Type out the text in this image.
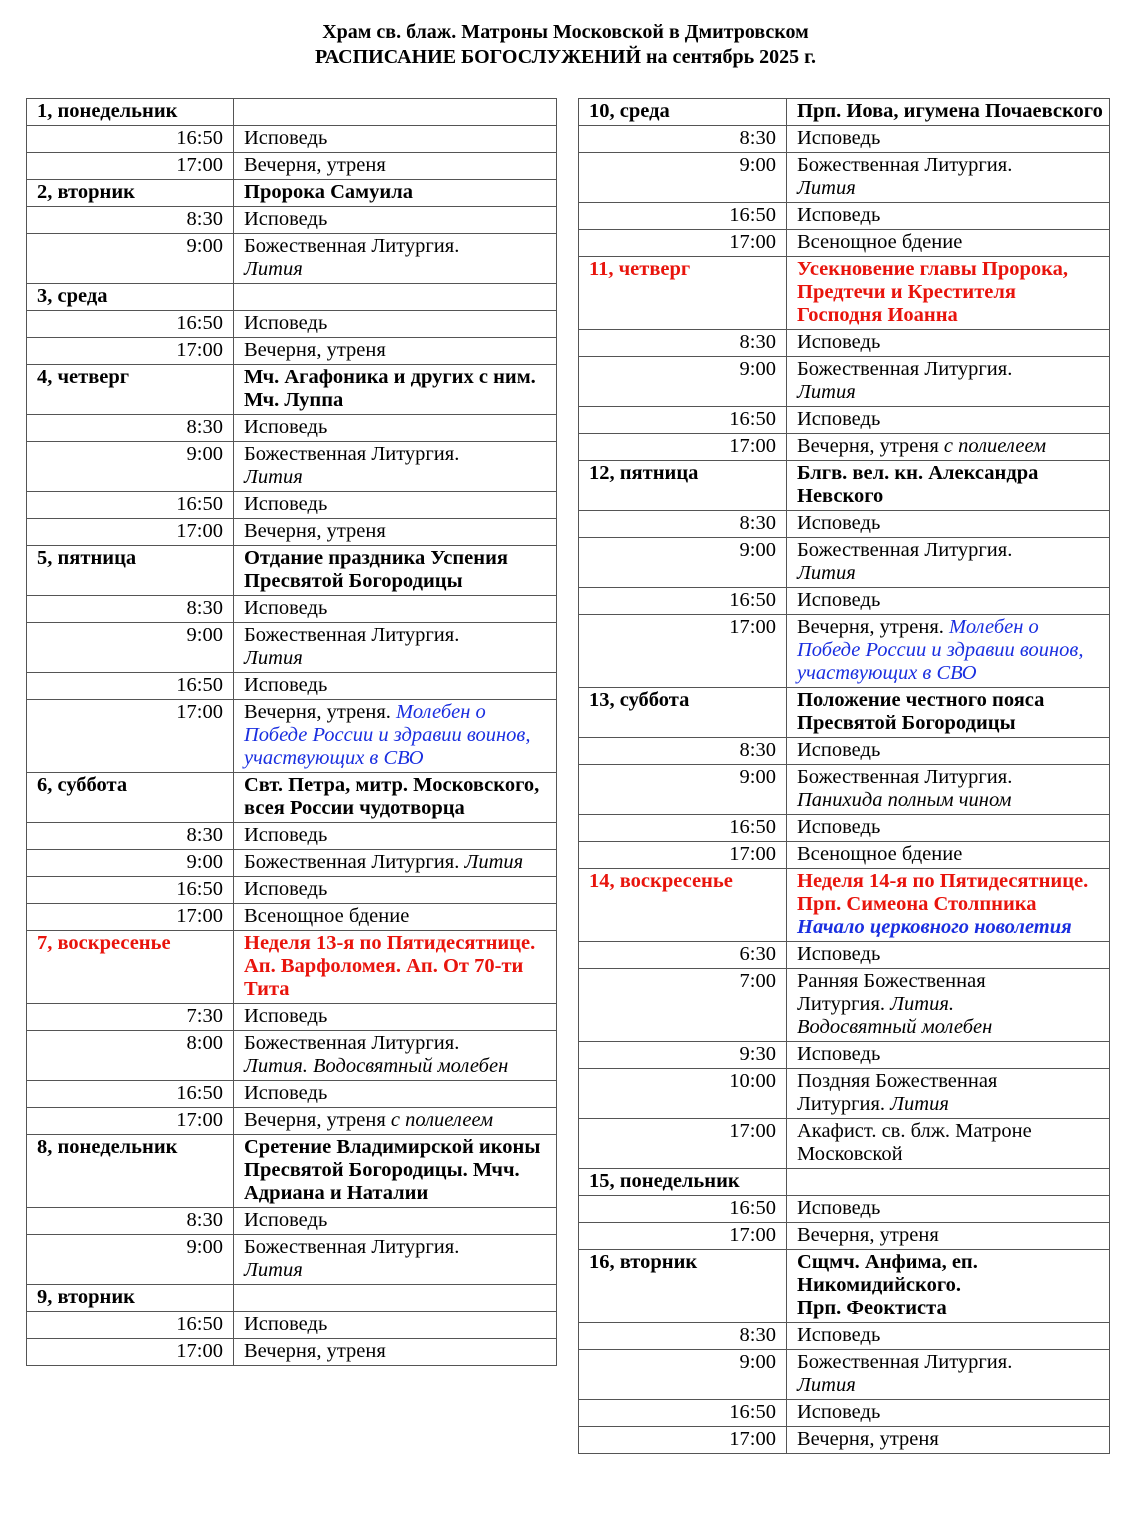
Храм св. блаж. Матроны Московской в Дмитровском
РАСПИСАНИЕ БОГОСЛУЖЕНИЙ на сентябрь 2025 г.
1, понедельник	
16:50	Исповедь
17:00	Вечерня, утреня
2, вторник	Пророка Самуила
8:30	Исповедь
9:00	Божественная Литургия.
Лития
3, среда	
16:50	Исповедь
17:00	Вечерня, утреня
4, четверг	Мч. Агафоника и других с ним. Мч. Луппа
8:30	Исповедь
9:00	Божественная Литургия.
Лития
16:50	Исповедь
17:00	Вечерня, утреня
5, пятница	Отдание праздника Успения Пресвятой Богородицы
8:30	Исповедь
9:00	Божественная Литургия.
Лития
16:50	Исповедь
17:00	Вечерня, утреня. Молебен о Победе России и здравии воинов, участвующих в СВО
6, суббота	Свт. Петра, митр. Московского, всея России чудотворца
8:30	Исповедь
9:00	Божественная Литургия. Лития
16:50	Исповедь
17:00	Всенощное бдение
7, воскресенье	Неделя 13-я по Пятидесятнице. Ап. Варфоломея. Ап. От 70-ти Тита
7:30	Исповедь
8:00	Божественная Литургия.
Лития. Водосвятный молебен
16:50	Исповедь
17:00	Вечерня, утреня с полиелеем
8, понедельник	Сретение Владимирской иконы Пресвятой Богородицы. Мчч. Адриана и Наталии
8:30	Исповедь
9:00	Божественная Литургия.
Лития
9, вторник	
16:50	Исповедь
17:00	Вечерня, утреня
10, среда	Прп. Иова, игумена Почаевского
8:30	Исповедь
9:00	Божественная Литургия.
Лития
16:50	Исповедь
17:00	Всенощное бдение
11, четверг	Усекновение главы Пророка, Предтечи и Крестителя Господня Иоанна
8:30	Исповедь
9:00	Божественная Литургия.
Лития
16:50	Исповедь
17:00	Вечерня, утреня с полиелеем
12, пятница	Блгв. вел. кн. Александра Невского
8:30	Исповедь
9:00	Божественная Литургия.
Лития
16:50	Исповедь
17:00	Вечерня, утреня. Молебен о Победе России и здравии воинов, участвующих в СВО
13, суббота	Положение честного пояса Пресвятой Богородицы
8:30	Исповедь
9:00	Божественная Литургия.
Панихида полным чином
16:50	Исповедь
17:00	Всенощное бдение
14, воскресенье	Неделя 14-я по Пятидесятнице.
Прп. Симеона Столпника
Начало церковного новолетия
6:30	Исповедь
7:00	Ранняя Божественная
Литургия. Лития.
Водосвятный молебен
9:30	Исповедь
10:00	Поздняя Божественная
Литургия. Лития
17:00	Акафист. св. блж. Матроне
Московской
15, понедельник	
16:50	Исповедь
17:00	Вечерня, утреня
16, вторник	Сщмч. Анфима, еп. Никомидийского.
Прп. Феоктиста
8:30	Исповедь
9:00	Божественная Литургия.
Лития
16:50	Исповедь
17:00	Вечерня, утреня
